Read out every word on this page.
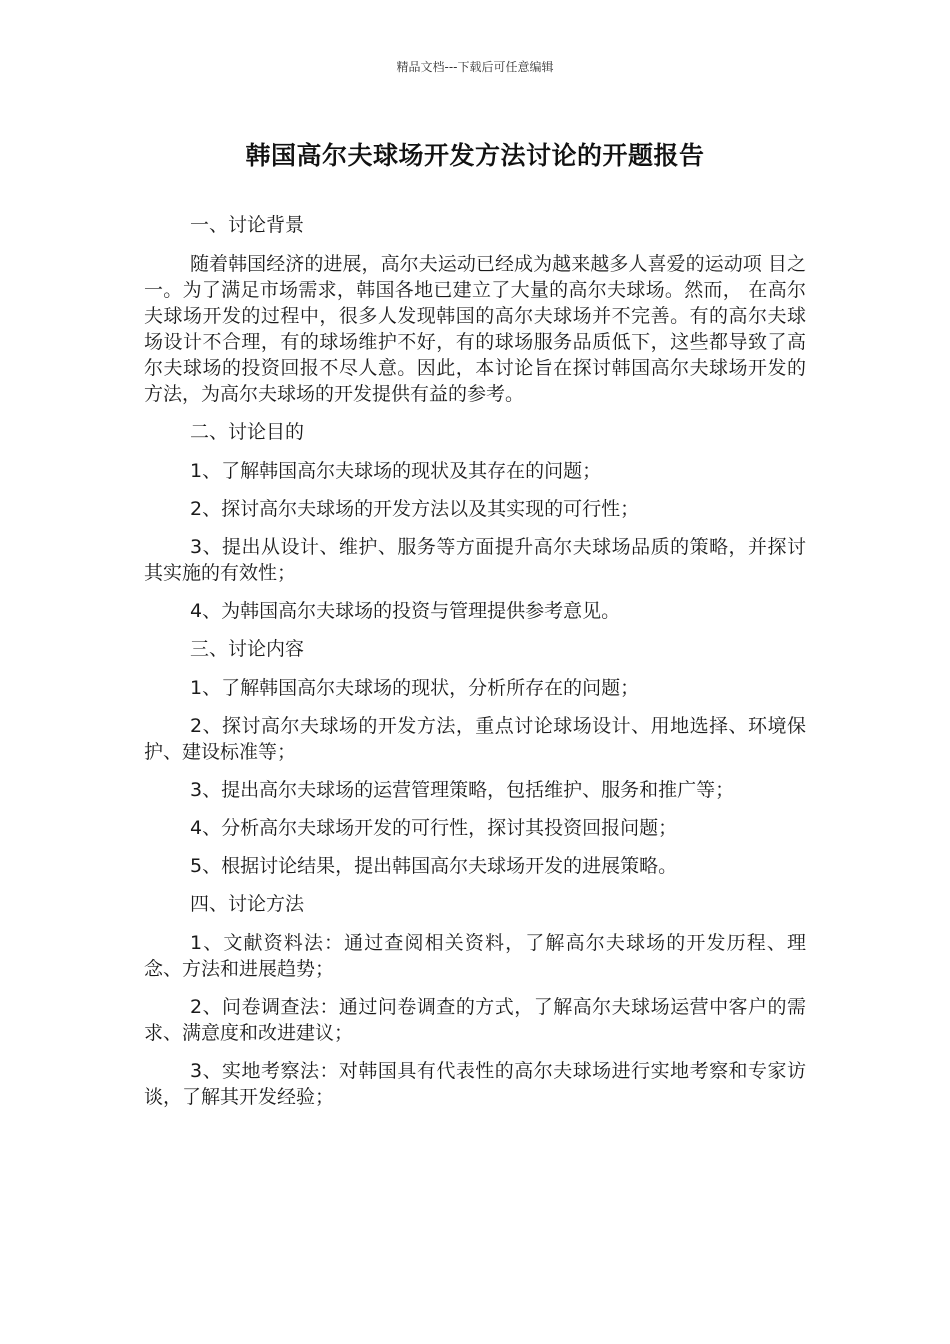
精品文档---下载后可任意编辑
韩国高尔夫球场开发方法讨论的开题报告

一、讨论背景

随着韩国经济的进展，高尔夫运动已经成为越来越多人喜爱的运动项 目之一。为了满足市场需求，韩国各地已建立了大量的高尔夫球场。然而， 在高尔夫球场开发的过程中，很多人发现韩国的高尔夫球场并不完善。有的高尔夫球场设计不合理，有的球场维护不好，有的球场服务品质低下，这些都导致了高尔夫球场的投资回报不尽人意。因此，本讨论旨在探讨韩国高尔夫球场开发的方法，为高尔夫球场的开发提供有益的参考。

二、讨论目的

1、了解韩国高尔夫球场的现状及其存在的问题；

2、探讨高尔夫球场的开发方法以及其实现的可行性；

3、提出从设计、维护、服务等方面提升高尔夫球场品质的策略，并探讨其实施的有效性；

4、为韩国高尔夫球场的投资与管理提供参考意见。

三、讨论内容

1、了解韩国高尔夫球场的现状，分析所存在的问题；

2、探讨高尔夫球场的开发方法，重点讨论球场设计、用地选择、环境保 护、建设标准等；

3、提出高尔夫球场的运营管理策略，包括维护、服务和推广等；

4、分析高尔夫球场开发的可行性，探讨其投资回报问题；

5、根据讨论结果，提出韩国高尔夫球场开发的进展策略。

四、讨论方法

1、文献资料法：通过查阅相关资料，了解高尔夫球场的开发历程、理念、方法和进展趋势；

2、问卷调查法：通过问卷调查的方式，了解高尔夫球场运营中客户的需求、满意度和改进建议；

3、实地考察法：对韩国具有代表性的高尔夫球场进行实地考察和专家访谈，了解其开发经验；
